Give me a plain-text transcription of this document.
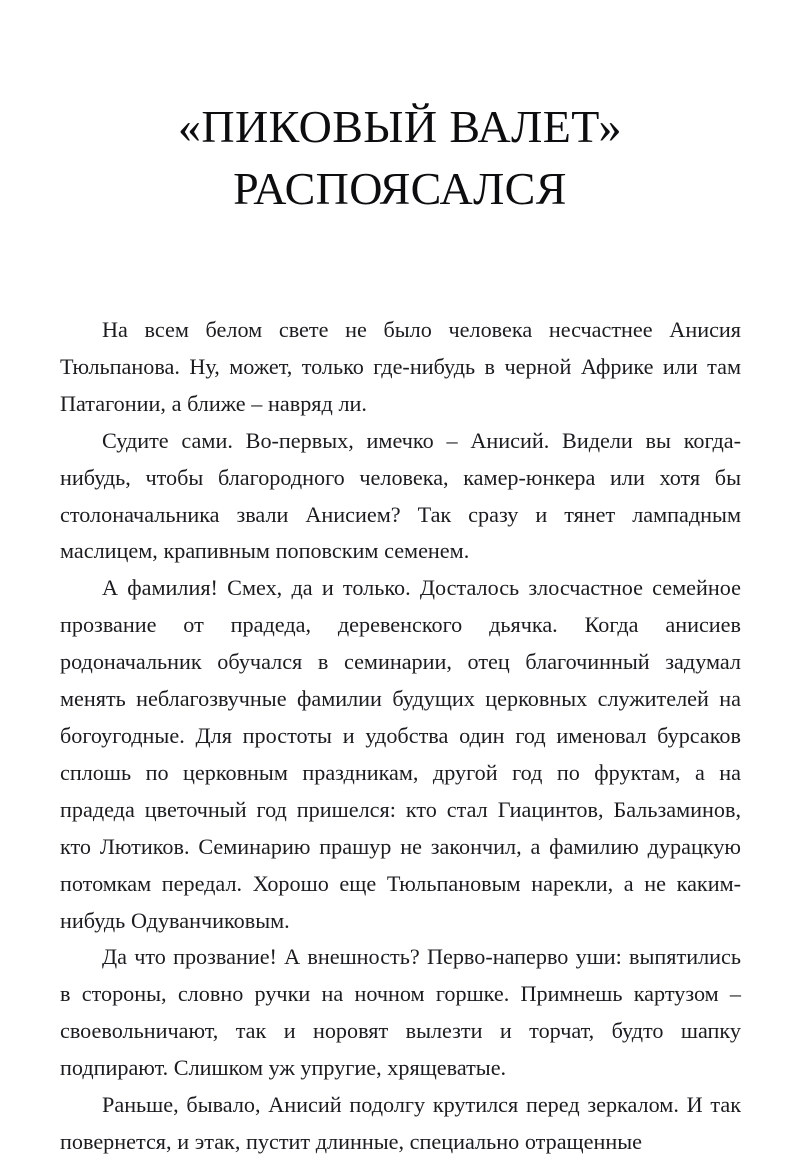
«ПИКОВЫЙ ВАЛЕТ»
РАСПОЯСАЛСЯ

На всем белом свете не было человека несчастнее Анисия Тюльпанова. Ну, может, только где-нибудь в черной Африке или там Патагонии, а ближе – навряд ли.

Судите сами. Во-первых, имечко – Анисий. Видели вы когда-нибудь, чтобы благородного человека, камер-юнкера или хотя бы столоначальника звали Анисием? Так сразу и тянет лампадным маслицем, крапивным поповским семенем.

А фамилия! Смех, да и только. Досталось злосчастное семейное прозвание от прадеда, деревенского дьячка. Когда анисиев родоначальник обучался в семинарии, отец благочинный задумал менять неблагозвучные фамилии будущих церковных служителей на богоугодные. Для простоты и удобства один год именовал бурсаков сплошь по церковным праздникам, другой год по фруктам, а на прадеда цветочный год пришелся: кто стал Гиацинтов, Бальзаминов, кто Лютиков. Семинарию прашур не закончил, а фамилию дурацкую потомкам передал. Хорошо еще Тюльпановым нарекли, а не каким-нибудь Одуванчиковым.

Да что прозвание! А внешность? Перво-наперво уши: выпятились в стороны, словно ручки на ночном горшке. Примнешь картузом – своевольничают, так и норовят вылезти и торчат, будто шапку подпирают. Слишком уж упругие, хрящеватые.

Раньше, бывало, Анисий подолгу крутился перед зеркалом. И так повернется, и этак, пустит длинные, специально отращенные
